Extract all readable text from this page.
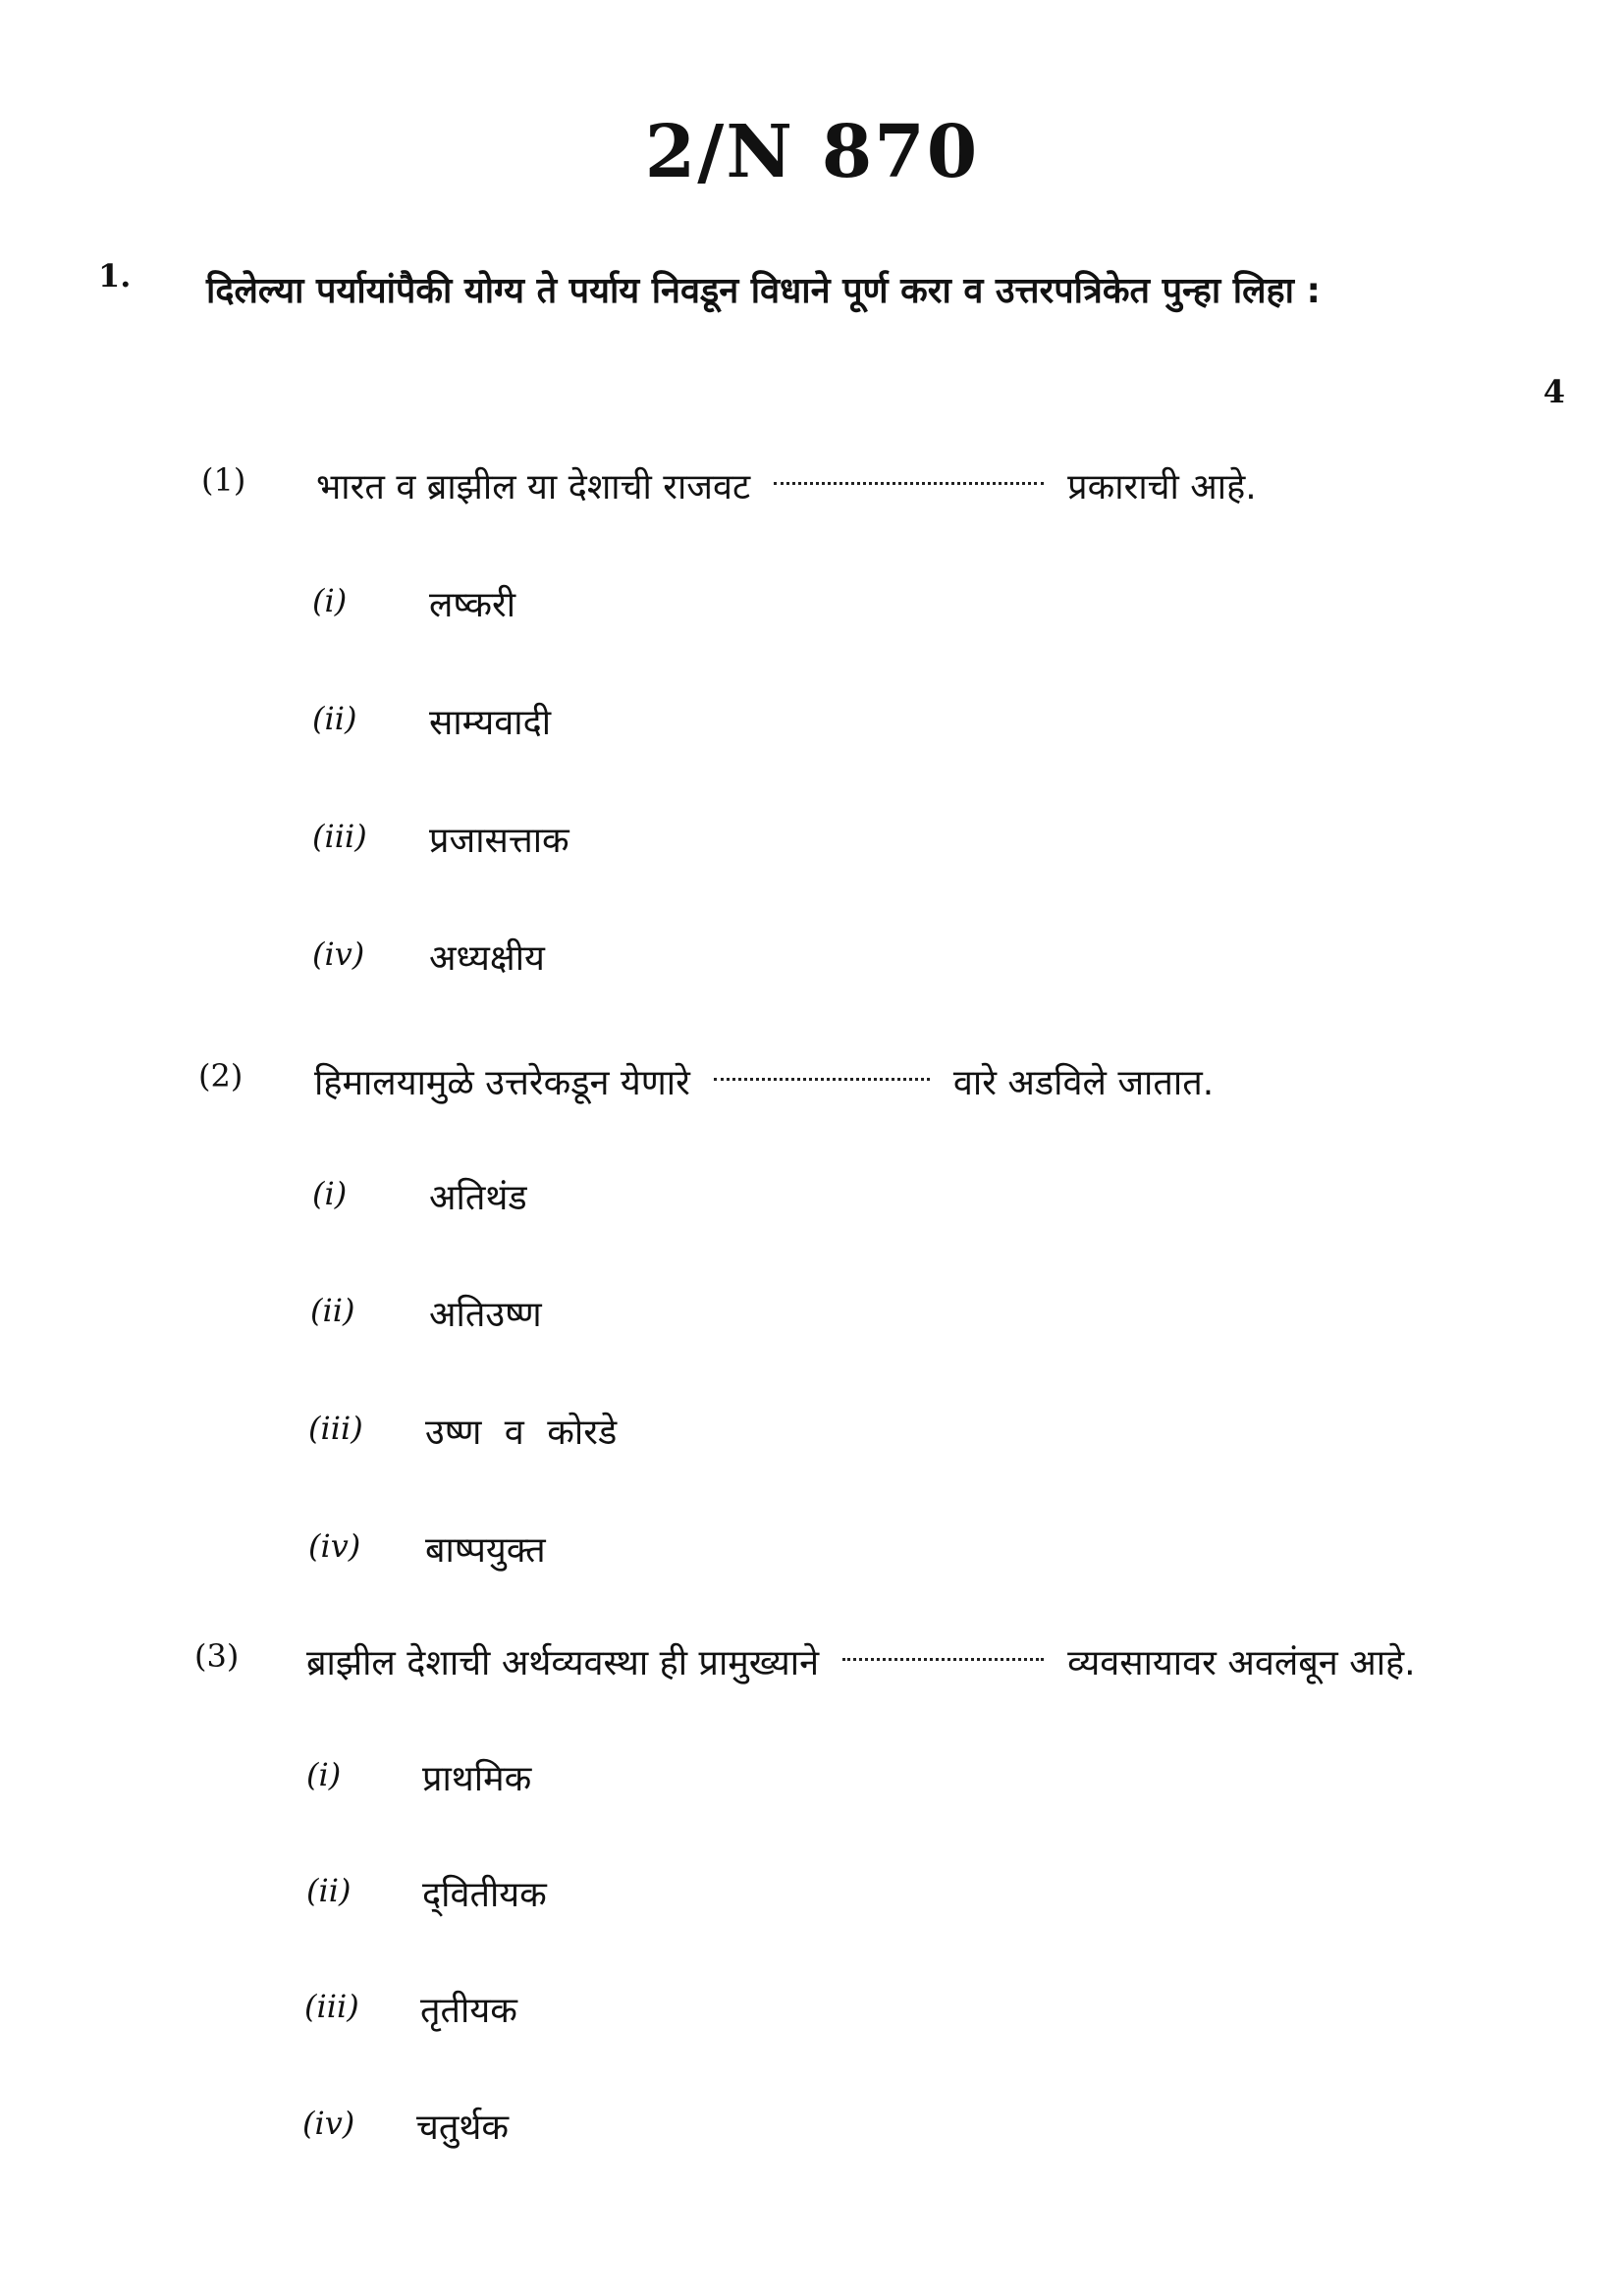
2/N 870
1. दिलेल्या पर्यायांपैकी योग्य ते पर्याय निवडून विधाने पूर्ण करा व उत्तरपत्रिकेत पुन्हा लिहा :
4
(1) भारत व ब्राझील या देशाची राजवट	प्रकाराची आहे.
(i) लष्करी
(ii) साम्यवादी
(iii) प्रजासत्ताक
(iv) अध्यक्षीय
(2) हिमालयामुळे उत्तरेकडून येणारे	वारे अडविले जातात.
(i) अतिथंड
(ii) अतिउष्ण
(iii) उष्ण व कोरडे
(iv) बाष्पयुक्त
(3) ब्राझील देशाची अर्थव्यवस्था ही प्रामुख्याने	व्यवसायावर अवलंबून आहे.
(i) प्राथमिक
(ii) द्‌वितीयक
(iii) तृतीयक
(iv) चतुर्थक
